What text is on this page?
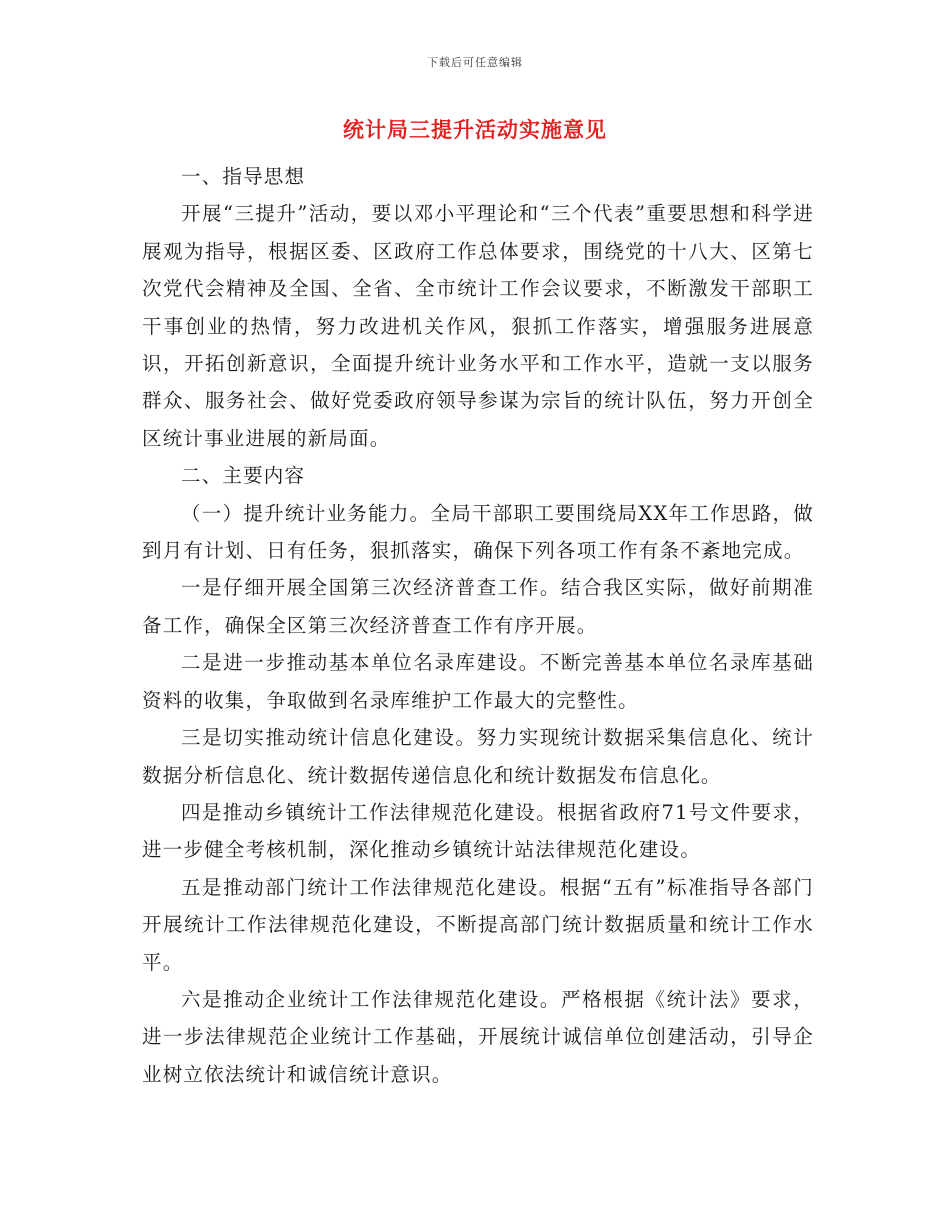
下载后可任意编辑
统计局三提升活动实施意见

一、指导思想

开展“三提升”活动，要以邓小平理论和“三个代表”重要思想和科学进展观为指导，根据区委、区政府工作总体要求，围绕党的十八大、区第七次党代会精神及全国、全省、全市统计工作会议要求，不断激发干部职工干事创业的热情，努力改进机关作风，狠抓工作落实，增强服务进展意识，开拓创新意识，全面提升统计业务水平和工作水平，造就一支以服务群众、服务社会、做好党委政府领导参谋为宗旨的统计队伍，努力开创全区统计事业进展的新局面。

二、主要内容

（一）提升统计业务能力。全局干部职工要围绕局XX年工作思路，做到月有计划、日有任务，狠抓落实，确保下列各项工作有条不紊地完成。

一是仔细开展全国第三次经济普查工作。结合我区实际，做好前期准备工作，确保全区第三次经济普查工作有序开展。

二是进一步推动基本单位名录库建设。不断完善基本单位名录库基础资料的收集，争取做到名录库维护工作最大的完整性。

三是切实推动统计信息化建设。努力实现统计数据采集信息化、统计数据分析信息化、统计数据传递信息化和统计数据发布信息化。

四是推动乡镇统计工作法律规范化建设。根据省政府71号文件要求，进一步健全考核机制，深化推动乡镇统计站法律规范化建设。

五是推动部门统计工作法律规范化建设。根据“五有”标准指导各部门开展统计工作法律规范化建设，不断提高部门统计数据质量和统计工作水平。

六是推动企业统计工作法律规范化建设。严格根据《统计法》要求，进一步法律规范企业统计工作基础，开展统计诚信单位创建活动，引导企业树立依法统计和诚信统计意识。
